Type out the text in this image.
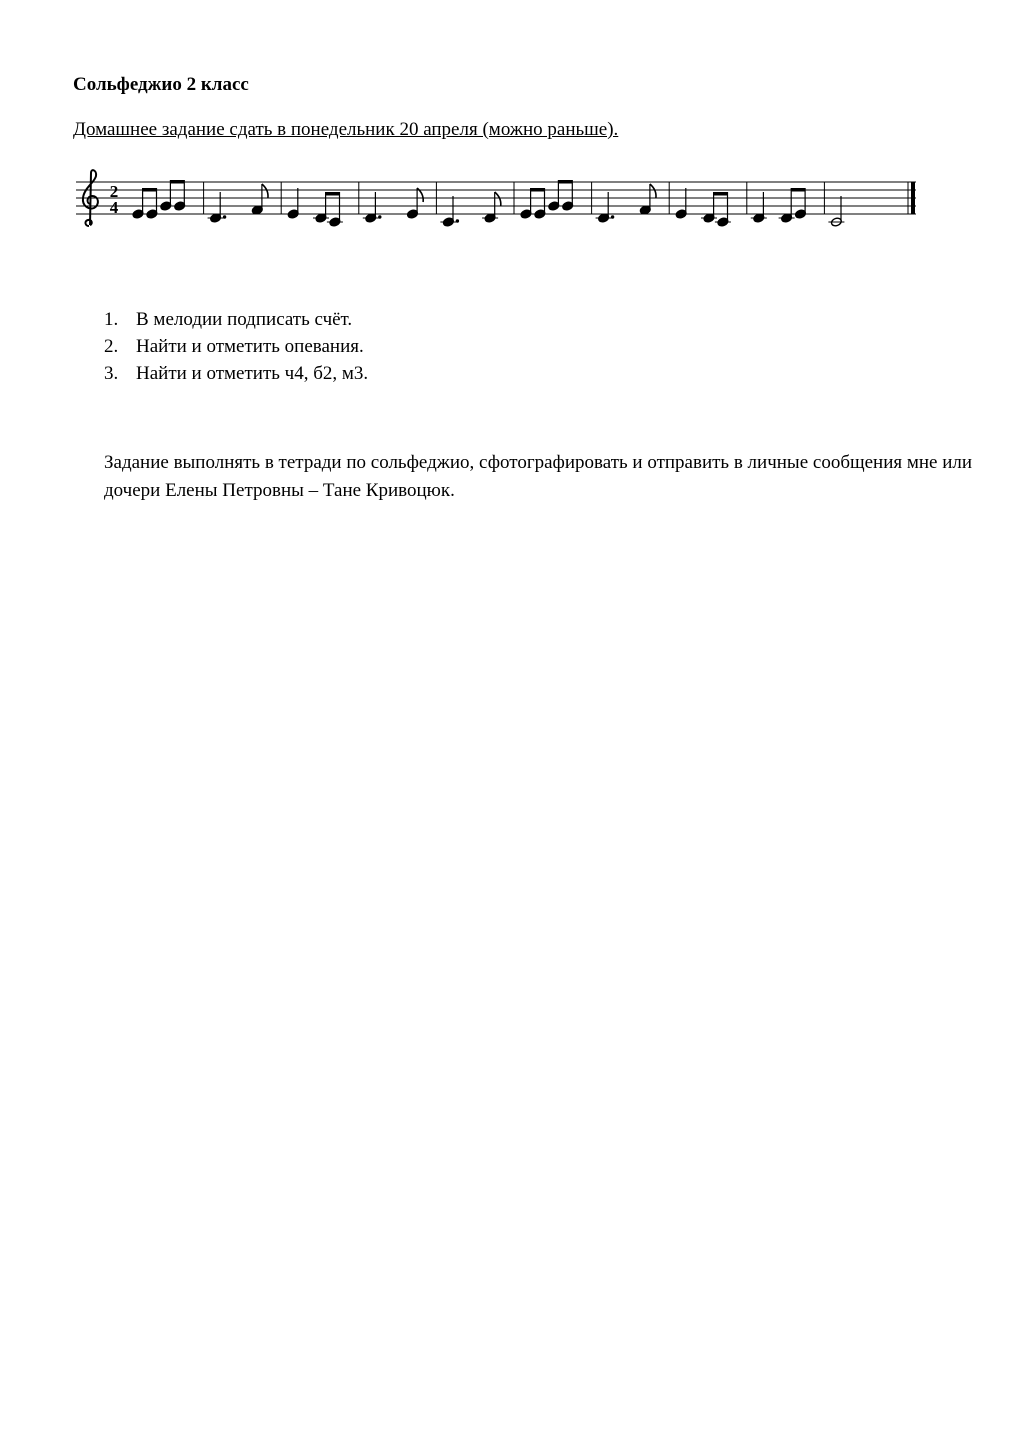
Сольфеджио 2 класс
Домашнее задание сдать в понедельник 20 апреля (можно раньше).
2
4
1. В мелодии подписать счёт.
2. Найти и отметить опевания.
3. Найти и отметить ч4, б2, м3.

Задание выполнять в тетради по сольфеджио, сфотографировать и отправить в личные сообщения мне или дочери Елены Петровны – Тане Кривоцюк.
